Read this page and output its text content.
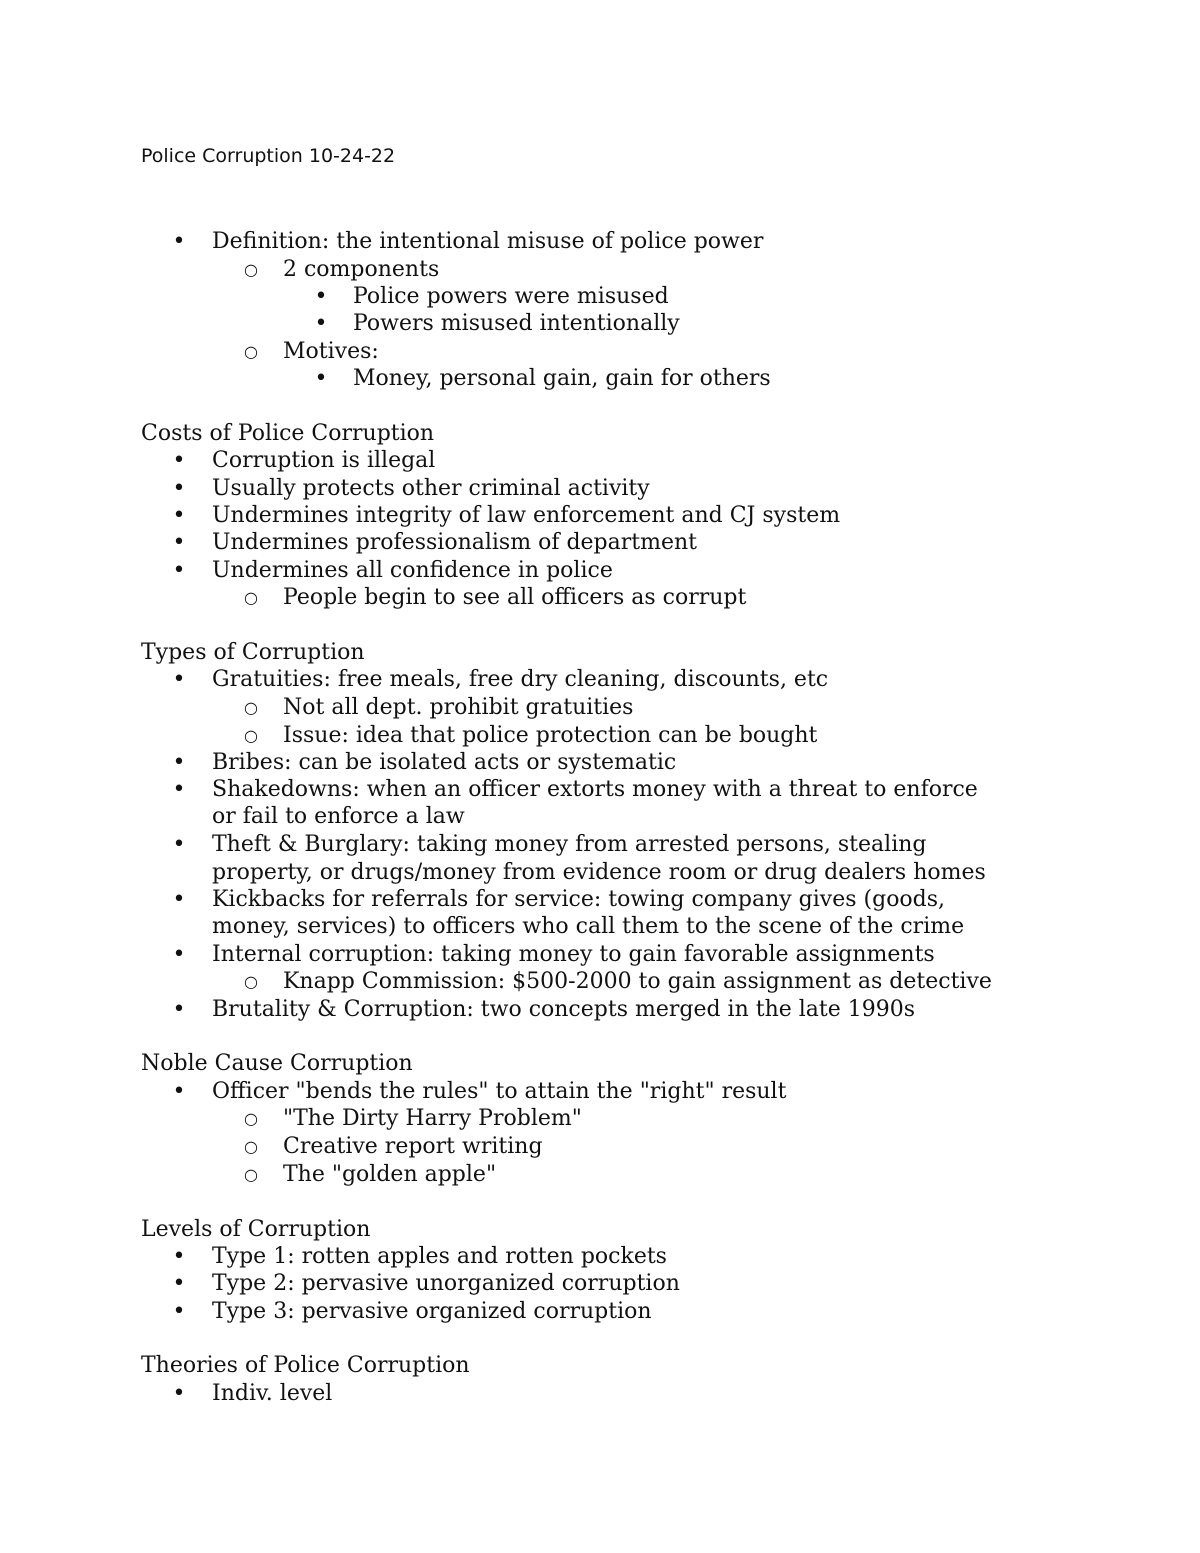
Police Corruption 10-24-22
• Definition: the intentional misuse of police power
○ 2 components
• Police powers were misused
• Powers misused intentionally
○ Motives:
• Money, personal gain, gain for others
Costs of Police Corruption
• Corruption is illegal
• Usually protects other criminal activity
• Undermines integrity of law enforcement and CJ system
• Undermines professionalism of department
• Undermines all confidence in police
○ People begin to see all officers as corrupt
Types of Corruption
• Gratuities: free meals, free dry cleaning, discounts, etc
○ Not all dept. prohibit gratuities
○ Issue: idea that police protection can be bought
• Bribes: can be isolated acts or systematic
• Shakedowns: when an officer extorts money with a threat to enforce
or fail to enforce a law
• Theft & Burglary: taking money from arrested persons, stealing
property, or drugs/money from evidence room or drug dealers homes
• Kickbacks for referrals for service: towing company gives (goods,
money, services) to officers who call them to the scene of the crime
• Internal corruption: taking money to gain favorable assignments
○ Knapp Commission: $500-2000 to gain assignment as detective
• Brutality & Corruption: two concepts merged in the late 1990s
Noble Cause Corruption
• Officer "bends the rules" to attain the "right" result
○ "The Dirty Harry Problem"
○ Creative report writing
○ The "golden apple"
Levels of Corruption
• Type 1: rotten apples and rotten pockets
• Type 2: pervasive unorganized corruption
• Type 3: pervasive organized corruption
Theories of Police Corruption
• Indiv. level
